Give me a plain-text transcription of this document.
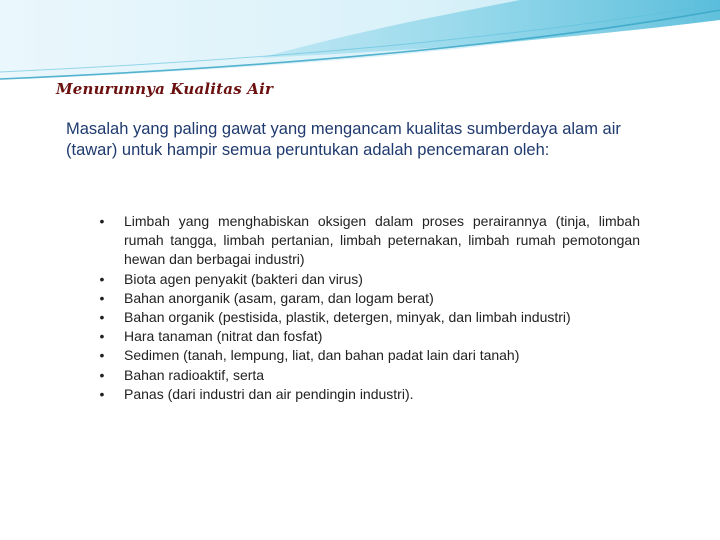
Menurunnya Kualitas Air

Masalah yang paling gawat yang mengancam kualitas sumberdaya alam air (tawar) untuk hampir semua peruntukan adalah pencemaran oleh:

• Limbah yang menghabiskan oksigen dalam proses perairannya (tinja, limbah rumah tangga, limbah pertanian, limbah peternakan, limbah rumah pemotongan hewan dan berbagai industri)
• Biota agen penyakit (bakteri dan virus)
• Bahan anorganik (asam, garam, dan logam berat)
• Bahan organik (pestisida, plastik, detergen, minyak, dan limbah industri)
• Hara tanaman (nitrat dan fosfat)
• Sedimen (tanah, lempung, liat, dan bahan padat lain dari tanah)
• Bahan radioaktif, serta
• Panas (dari industri dan air pendingin industri).
